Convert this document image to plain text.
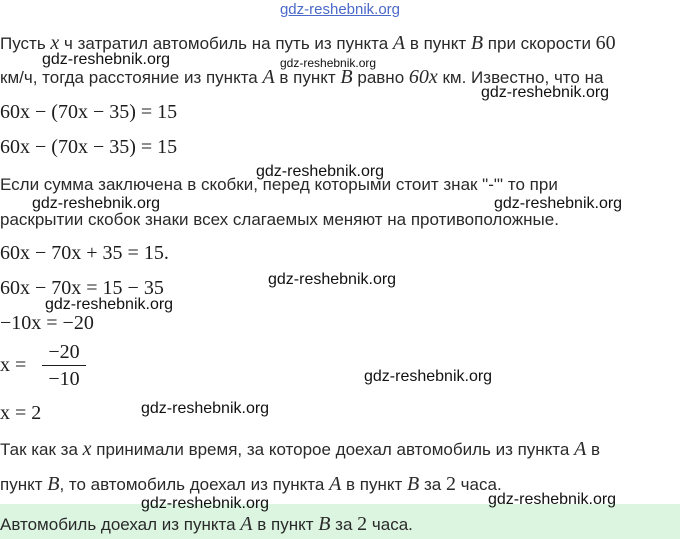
gdz-reshebnik.org
Пусть x ч затратил автомобиль на путь из пункта A в пункт B при скорости 60
км/ч, тогда расстояние из пункта A в пункт B равно 60x км. Известно, что на
60x − (70x − 35) = 15
60x − (70x − 35) = 15
Если сумма заключена в скобки, перед которыми стоит знак "-"' то при
раскрытии скобок знаки всех слагаемых меняют на противоположные.
60x − 70x + 35 = 15.
60x − 70x = 15 − 35
−10x = −20
x =
−20
−10
x = 2
Так как за x принимали время, за которое доехал автомобиль из пункта A в
пункт B, то автомобиль доехал из пункта A в пункт B за 2 часа.
Автомобиль доехал из пункта A в пункт B за 2 часа.
gdz-reshebnik.org	gdz-reshebnik.org
gdz-reshebnik.org
gdz-reshebnik.org
gdz-reshebnik.org	gdz-reshebnik.org
gdz-reshebnik.org
gdz-reshebnik.org
gdz-reshebnik.org
gdz-reshebnik.org
gdz-reshebnik.org	gdz-reshebnik.org
